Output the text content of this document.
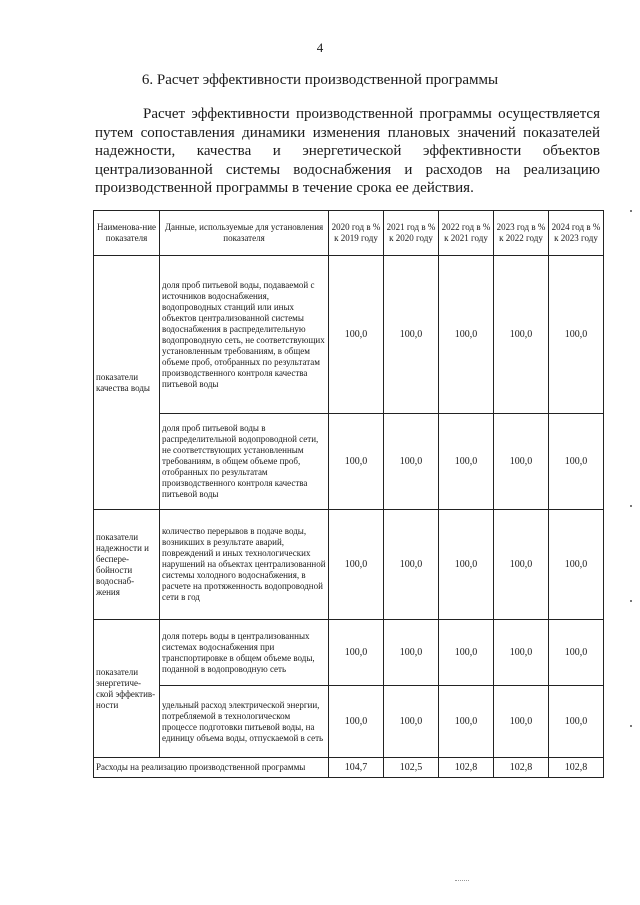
4
6. Расчет эффективности производственной программы

Расчет эффективности производственной программы осуществляется путем сопоставления динамики изменения плановых значений показателей надежности, качества и энергетической эффективности объектов централизованной системы водоснабжения и расходов на реализацию производственной программы в течение срока ее действия.

Наименова-ние показателя	Данные, используемые для установления показателя	2020 год в % к 2019 году	2021 год в % к 2020 году	2022 год в % к 2021 году	2023 год в % к 2022 году	2024 год в % к 2023 году
показатели качества воды	доля проб питьевой воды, подаваемой с источников водоснабжения, водопроводных станций или иных объектов централизованной системы водоснабжения в распределительную водопроводную сеть, не соответствующих установленным требованиям, в общем объеме проб, отобранных по результатам производственного контроля качества питьевой воды	100,0	100,0	100,0	100,0	100,0
	доля проб питьевой воды в распределительной водопроводной сети, не соответствующих установленным требованиям, в общем объеме проб, отобранных по результатам производственного контроля качества питьевой воды	100,0	100,0	100,0	100,0	100,0
показатели надежности и беспере-бойности водоснаб-жения	количество перерывов в подаче воды, возникших в результате аварий, повреждений и иных технологических нарушений на объектах централизованной системы холодного водоснабжения, в расчете на протяженность водопроводной сети в год	100,0	100,0	100,0	100,0	100,0
показатели энергетиче-ской эффектив-ности	доля потерь воды в централизованных системах водоснабжения при транспортировке в общем объеме воды, поданной в водопроводную сеть	100,0	100,0	100,0	100,0	100,0
	удельный расход электрической энергии, потребляемой в технологическом процессе подготовки питьевой воды, на единицу объема воды, отпускаемой в сеть	100,0	100,0	100,0	100,0	100,0
Расходы на реализацию производственной программы		104,7	102,5	102,8	102,8	102,8
